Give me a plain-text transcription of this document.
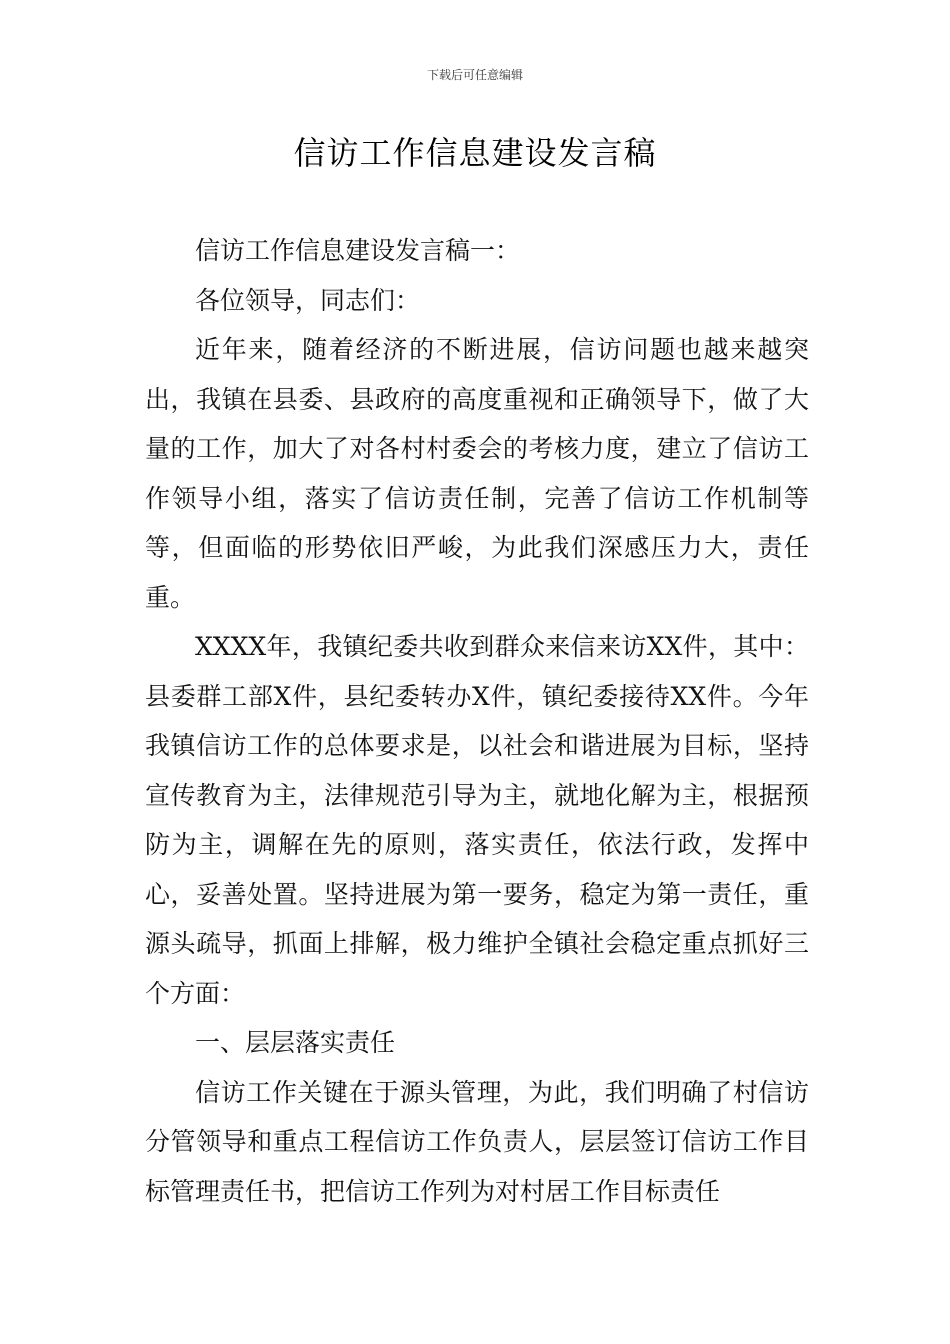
下载后可任意编辑
信访工作信息建设发言稿

信访工作信息建设发言稿一：

各位领导，同志们：

近年来，随着经济的不断进展，信访问题也越来越突出，我镇在县委、县政府的高度重视和正确领导下，做了大量的工作，加大了对各村村委会的考核力度，建立了信访工作领导小组，落实了信访责任制，完善了信访工作机制等等，但面临的形势依旧严峻，为此我们深感压力大，责任重。

XXXX年，我镇纪委共收到群众来信来访XX件，其中：县委群工部X件，县纪委转办X件，镇纪委接待XX件。今年我镇信访工作的总体要求是，以社会和谐进展为目标，坚持宣传教育为主，法律规范引导为主，就地化解为主，根据预防为主，调解在先的原则，落实责任，依法行政，发挥中心，妥善处置。坚持进展为第一要务，稳定为第一责任，重源头疏导，抓面上排解，极力维护全镇社会稳定重点抓好三个方面：

一、层层落实责任

信访工作关键在于源头管理，为此，我们明确了村信访分管领导和重点工程信访工作负责人，层层签订信访工作目标管理责任书，把信访工作列为对村居工作目标责任
